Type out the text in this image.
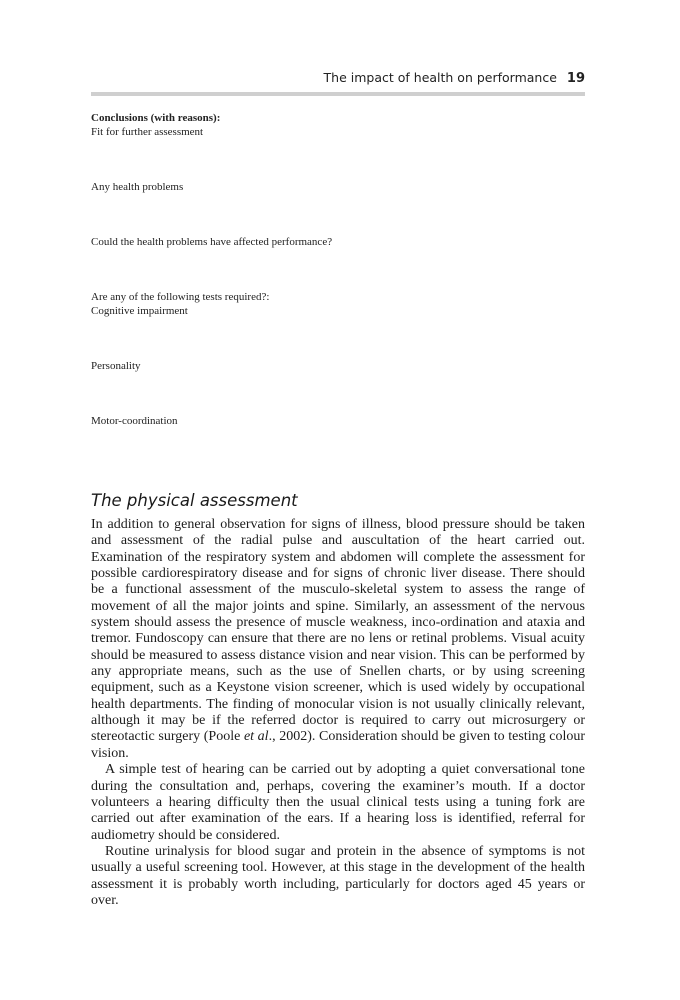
The impact of health on performance 19
Conclusions (with reasons):
Fit for further assessment
Any health problems
Could the health problems have affected performance?
Are any of the following tests required?:
Cognitive impairment
Personality
Motor-coordination
The physical assessment

In addition to general observation for signs of illness, blood pressure should be taken and assessment of the radial pulse and auscultation of the heart carried out. Examination of the respiratory system and abdomen will complete the assessment for possible cardiorespiratory disease and for signs of chronic liver disease. There should be a functional assessment of the musculo-skeletal system to assess the range of movement of all the major joints and spine. Similarly, an assessment of the nervous system should assess the presence of muscle weakness, inco-ordination and ataxia and tremor. Fundoscopy can ensure that there are no lens or retinal problems. Visual acuity should be measured to assess distance vision and near vision. This can be performed by any appropriate means, such as the use of Snellen charts, or by using screening equipment, such as a Keystone vision screener, which is used widely by occupational health departments. The finding of monocular vision is not usually clinically relevant, although it may be if the referred doctor is required to carry out microsurgery or stereotactic surgery (Poole et al., 2002). Consideration should be given to testing colour vision.

A simple test of hearing can be carried out by adopting a quiet conversational tone during the consultation and, perhaps, covering the examiner’s mouth. If a doctor volunteers a hearing difficulty then the usual clinical tests using a tuning fork are carried out after examination of the ears. If a hearing loss is identified, referral for audiometry should be considered.

Routine urinalysis for blood sugar and protein in the absence of symptoms is not usually a useful screening tool. However, at this stage in the development of the health assessment it is probably worth including, particularly for doctors aged 45 years or over.
